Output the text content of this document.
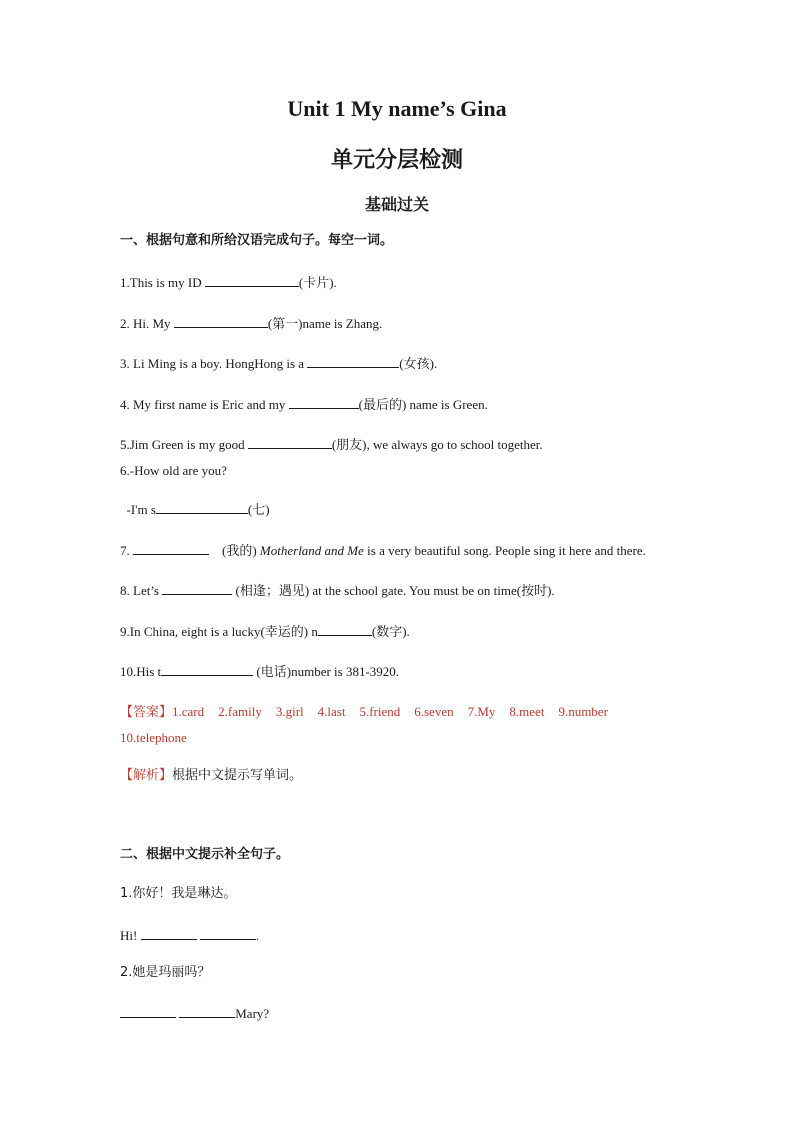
Unit 1 My name’s Gina
单元分层检测
基础过关
一、根据句意和所给汉语完成句子。每空一词。
1.This is my ID	(卡片).
2. Hi. My	(第一)name is Zhang.
3. Li Ming is a boy. HongHong is a	(女孩).
4. My first name is Eric and my	(最后的) name is Green.
5.Jim Green is my good	(朋友), we always go to school together.
6.-How old are you?
-I'm s	(七)
7.	(我的) Motherland and Me is a very beautiful song. People sing it here and there.
8. Let’s	(相逢；遇见) at the school gate. You must be on time(按时).
9.In China, eight is a lucky(幸运的) n	(数字).
10.His t	(电话)number is 381-3920.
【答案】1.card 2.family 3.girl 4.last 5.friend 6.seven 7.My 8.meet 9.number
10.telephone
【解析】根据中文提示写单词。
二、根据中文提示补全句子。
1.你好！我是琳达。
Hi!	.
2.她是玛丽吗？
Mary?
